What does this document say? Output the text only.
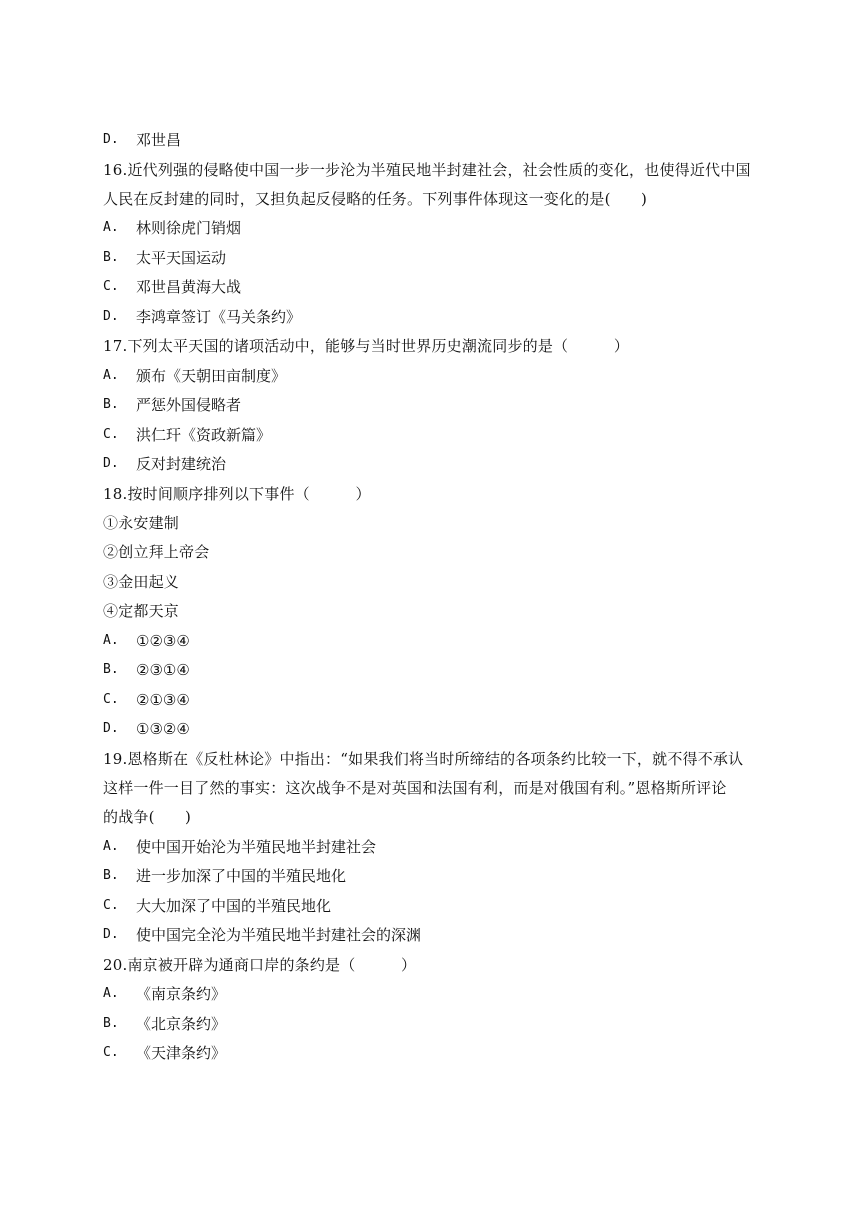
D.	邓世昌
16.近代列强的侵略使中国一步一步沦为半殖民地半封建社会，社会性质的变化，也使得近代中国
人民在反封建的同时，又担负起反侵略的任务。下列事件体现这一变化的是(　　)
A.	林则徐虎门销烟
B.	太平天国运动
C.	邓世昌黄海大战
D.	李鸿章签订《马关条约》
17.下列太平天国的诸项活动中，能够与当时世界历史潮流同步的是（　　　）
A.	颁布《天朝田亩制度》
B.	严惩外国侵略者
C.	洪仁玕《资政新篇》
D.	反对封建统治
18.按时间顺序排列以下事件（　　　）
①永安建制
②创立拜上帝会
③金田起义
④定都天京
A.	①②③④
B.	②③①④
C.	②①③④
D.	①③②④
19.恩格斯在《反杜林论》中指出：“如果我们将当时所缔结的各项条约比较一下，就不得不承认
这样一件一目了然的事实：这次战争不是对英国和法国有利，而是对俄国有利。”恩格斯所评论
的战争(　　)
A.	使中国开始沦为半殖民地半封建社会
B.	进一步加深了中国的半殖民地化
C.	大大加深了中国的半殖民地化
D.	使中国完全沦为半殖民地半封建社会的深渊
20.南京被开辟为通商口岸的条约是（　　　）
A.	《南京条约》
B.	《北京条约》
C.	《天津条约》
